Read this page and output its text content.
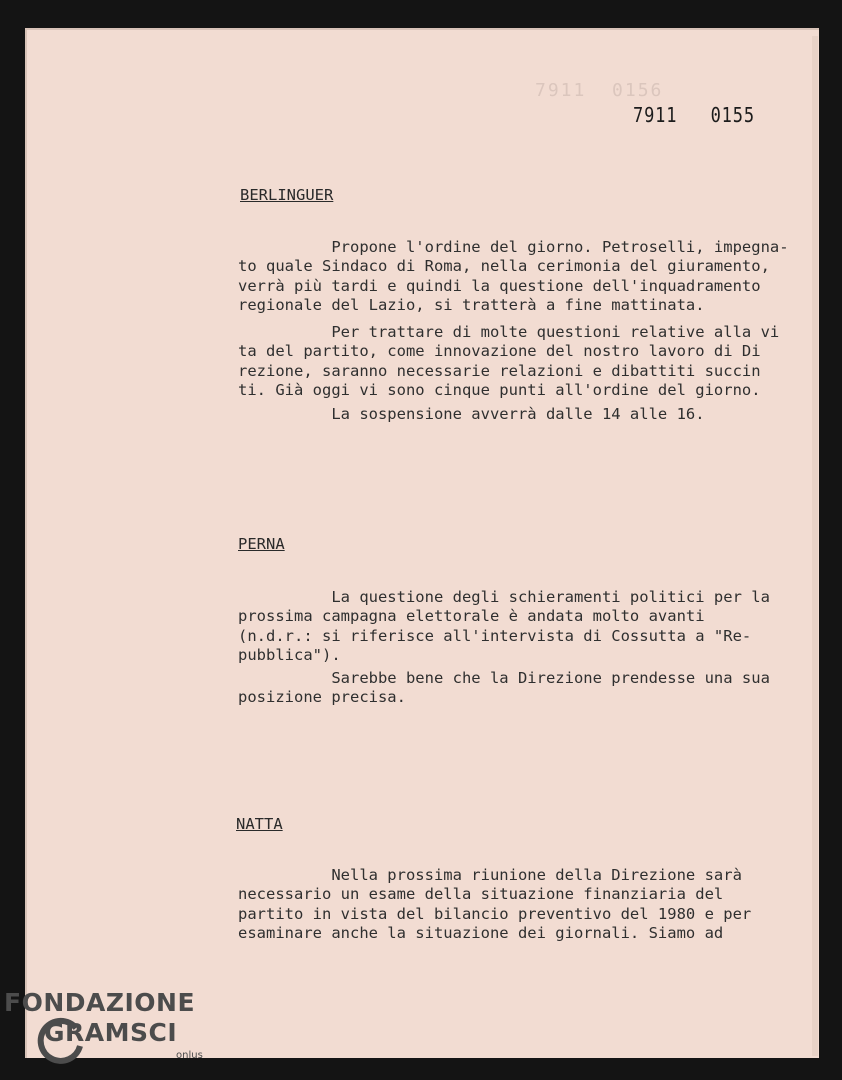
7911  0156
7911   0155
BERLINGUER
Propone l'ordine del giorno. Petroselli, impegna-
to quale Sindaco di Roma, nella cerimonia del giuramento,
verrà più tardi e quindi la questione dell'inquadramento
regionale del Lazio, si tratterà a fine mattinata.
Per trattare di molte questioni relative alla vi
ta del partito, come innovazione del nostro lavoro di Di
rezione, saranno necessarie relazioni e dibattiti succin
ti. Già oggi vi sono cinque punti all'ordine del giorno.
La sospensione avverrà dalle 14 alle 16.
PERNA
La questione degli schieramenti politici per la
prossima campagna elettorale è andata molto avanti
(n.d.r.: si riferisce all'intervista di Cossutta a "Re-
pubblica").
Sarebbe bene che la Direzione prendesse una sua
posizione precisa.
NATTA
Nella prossima riunione della Direzione sarà
necessario un esame della situazione finanziaria del
partito in vista del bilancio preventivo del 1980 e per
esaminare anche la situazione dei giornali. Siamo ad
FONDAZIONE
GRAMSCI
onlus
